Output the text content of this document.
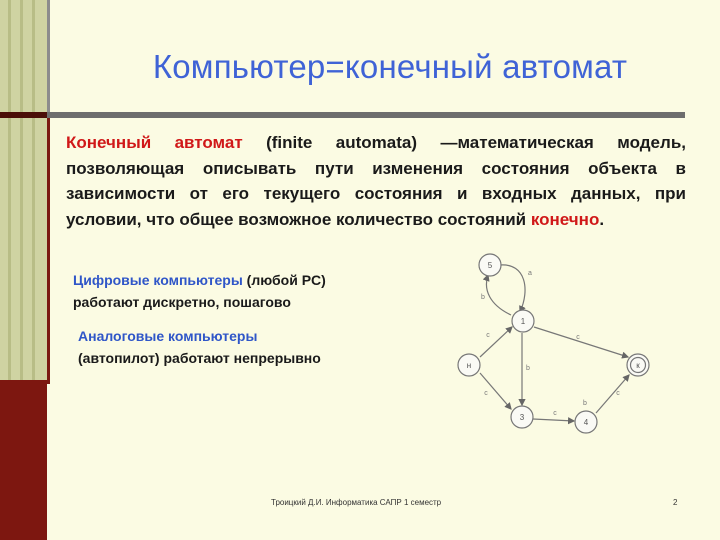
Компьютер=конечный автомат
Конечный автомат (finite automata) —математическая модель, позволяющая описывать пути изменения состояния объекта в зависимости от его текущего состояния и входных данных, при условии, что общее возможное количество состояний конечно.
Цифровые компьютеры (любой PC)
работают дискретно, пошагово
Аналоговые компьютеры
(автопилот) работают непрерывно
5
1
н	к
3
4
a
b
c	c
c
b
c
b
c
Троицкий Д.И. Информатика САПР 1 семестр	2
